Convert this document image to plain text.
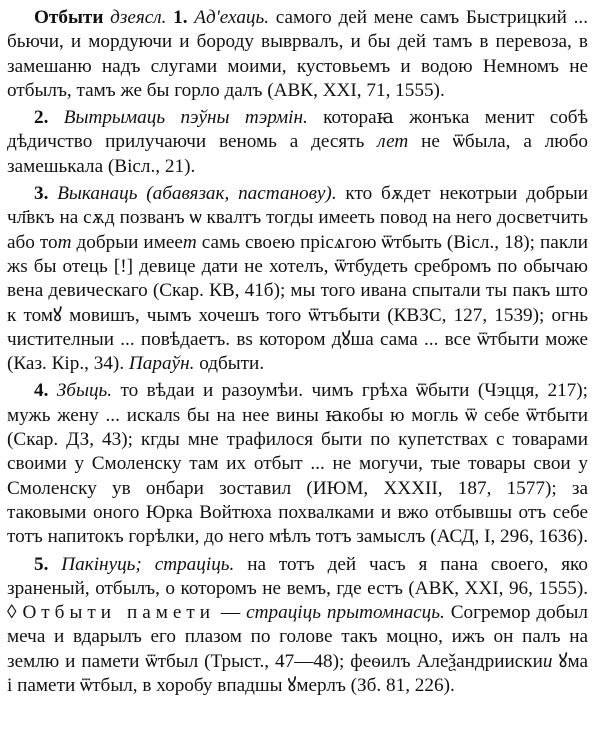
Отбыти дзеясл. 1. Ад'ехаць. самого дей мене самъ Быстрицкий ... бьючи, и мордуючи и бороду выврвалъ, и бы дей тамъ в перевоза, в замешаню надъ слугами моими, кустовьемъ и водою Немномъ не отбылъ, тамъ же бы горло далъ (АВК, XXI, 71, 1555).

2. Вытрымаць пэўны тэрмін. котораꙗ жонъка менит собѣ дѣдичство прилучаючи веномь а десять лет не ѿбыла, а любо замешькала (Вісл., 21).

3. Выканаць (абавязак, пастанову). кто бѫдет некотрыи добрыи чл҃вкъ на сѫд позванъ ѡ квалтъ тогды имееть повод на него досветчить або тот добрыи имеет самь своею прісѧгою ѿтбыть (Вісл., 18); пакли жѕ бы отець [!] девице дати не хотелъ, ѿтбудеть сребромъ по обычаю вена девическаго (Скар. КВ, 41б); мы того ивана спытали ты пакъ што к томꙋ мовишъ, чымъ хочешъ того ѿтъбыти (КВЗС, 127, 1539); огнь чистителныи ... повѣдаетъ. вѕ котором дꙋша сама ... все ѿтбыти може (Каз. Кір., 34). Параўн. одбыти.

4. Збыць. то вѣдаи и разоумѣи. чимъ грѣха ѿбыти (Чэцця, 217); мужь жену ... искалѕ бы на нее вины ꙗкобы ю могль ѿ себе ѿтбыти (Скар. ДЗ, 43); кгды мне трафилося быти по купетствах с товарами своими у Смоленску там их отбыт ... не могучи, тые товары свои у Смоленску ув онбари зоставил (ИЮМ, XXXII, 187, 1577); за таковыми оного Юрка Войтюха похвалками и вжо отбывшы отъ себе тотъ напитокъ горѣлки, до него мѣлъ тотъ замыслъ (АСД, I, 296, 1636).

5. Пакінуць; страціць. на тотъ дей часъ я пана своего, яко зраненый, отбылъ, о которомъ не вемъ, где естъ (АВК, XXI, 96, 1555). ◊ Отбыти памети — страціць прытомнасць. Согремор добыл меча и вдарылъ его плазом по голове такъ моцно, ижъ он палъ на землю и памети ѿтбыл (Трыст., 47—48); феѳилъ Алеѯандриискии ꙋма і памети ѿтбыл, в хоробу впадшы ꙋмерлъ (Зб. 81, 226).
